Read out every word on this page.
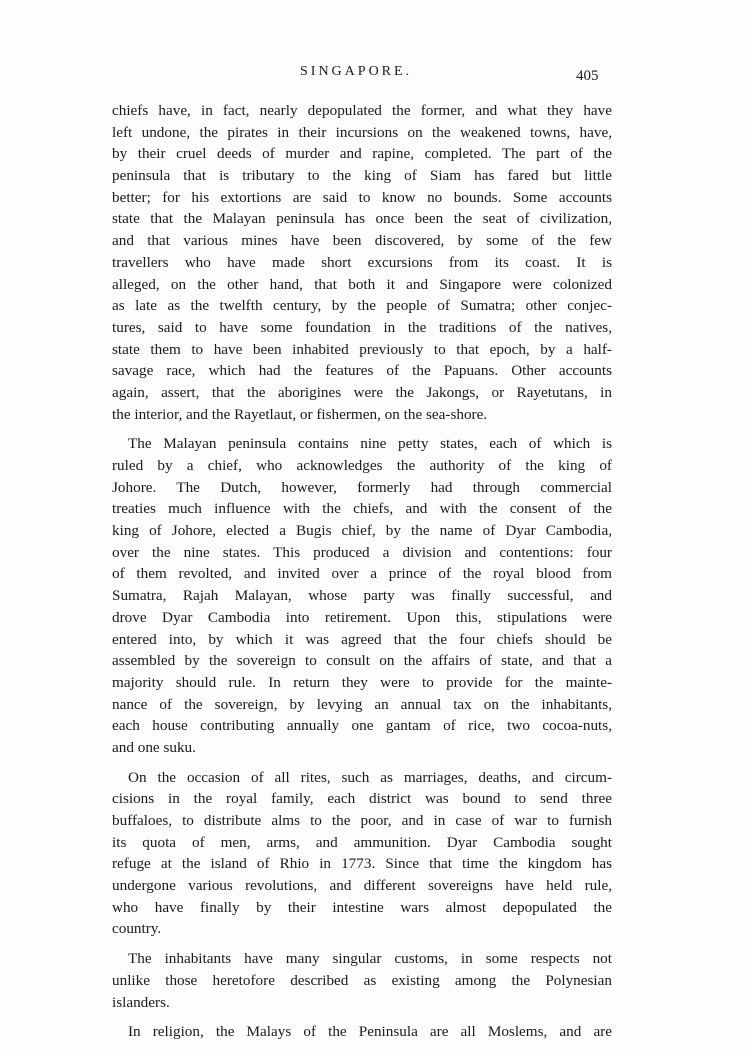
SINGAPORE.	405
chiefs have, in fact, nearly depopulated the former, and what they have
left undone, the pirates in their incursions on the weakened towns, have,
by their cruel deeds of murder and rapine, completed. The part of the
peninsula that is tributary to the king of Siam has fared but little
better; for his extortions are said to know no bounds. Some accounts
state that the Malayan peninsula has once been the seat of civilization,
and that various mines have been discovered, by some of the few
travellers who have made short excursions from its coast. It is
alleged, on the other hand, that both it and Singapore were colonized
as late as the twelfth century, by the people of Sumatra; other conjec-
tures, said to have some foundation in the traditions of the natives,
state them to have been inhabited previously to that epoch, by a half-
savage race, which had the features of the Papuans. Other accounts
again, assert, that the aborigines were the Jakongs, or Rayetutans, in
the interior, and the Rayetlaut, or fishermen, on the sea-shore.
The Malayan peninsula contains nine petty states, each of which is
ruled by a chief, who acknowledges the authority of the king of
Johore. The Dutch, however, formerly had through commercial
treaties much influence with the chiefs, and with the consent of the
king of Johore, elected a Bugis chief, by the name of Dyar Cambodia,
over the nine states. This produced a division and contentions: four
of them revolted, and invited over a prince of the royal blood from
Sumatra, Rajah Malayan, whose party was finally successful, and
drove Dyar Cambodia into retirement. Upon this, stipulations were
entered into, by which it was agreed that the four chiefs should be
assembled by the sovereign to consult on the affairs of state, and that a
majority should rule. In return they were to provide for the mainte-
nance of the sovereign, by levying an annual tax on the inhabitants,
each house contributing annually one gantam of rice, two cocoa-nuts,
and one suku.
On the occasion of all rites, such as marriages, deaths, and circum-
cisions in the royal family, each district was bound to send three
buffaloes, to distribute alms to the poor, and in case of war to furnish
its quota of men, arms, and ammunition. Dyar Cambodia sought
refuge at the island of Rhio in 1773. Since that time the kingdom has
undergone various revolutions, and different sovereigns have held rule,
who have finally by their intestine wars almost depopulated the
country.
The inhabitants have many singular customs, in some respects not
unlike those heretofore described as existing among the Polynesian
islanders.
In religion, the Malays of the Peninsula are all Moslems, and are
